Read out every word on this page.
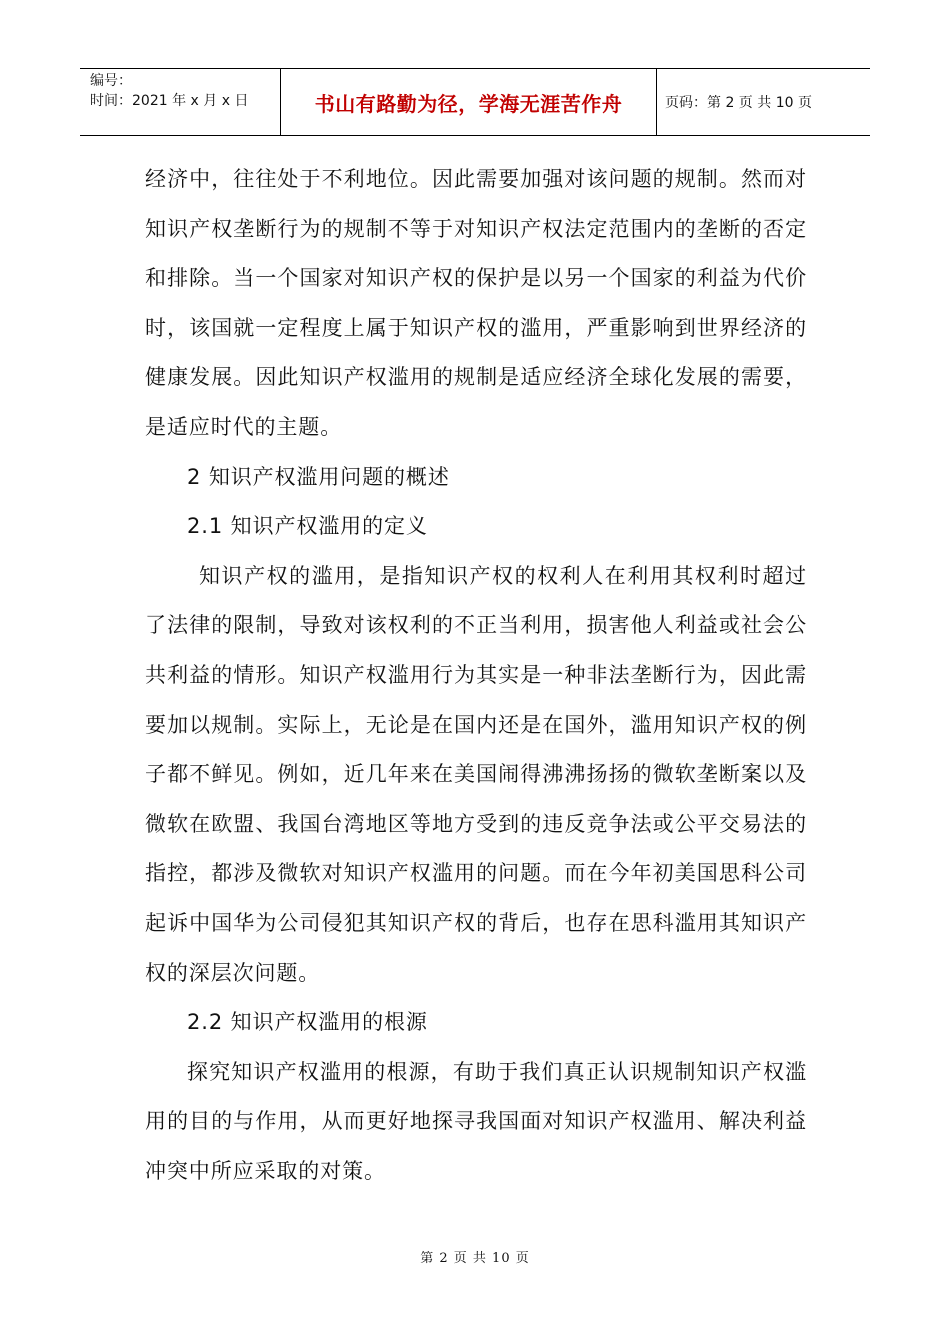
编号：
时间：2021 年 x 月 x 日	书山有路勤为径，学海无涯苦作舟	页码：第 2 页 共 10 页

经济中，往往处于不利地位。因此需要加强对该问题的规制。然而对知识产权垄断行为的规制不等于对知识产权法定范围内的垄断的否定和排除。当一个国家对知识产权的保护是以另一个国家的利益为代价时，该国就一定程度上属于知识产权的滥用，严重影响到世界经济的健康发展。因此知识产权滥用的规制是适应经济全球化发展的需要，是适应时代的主题。

2 知识产权滥用问题的概述

2.1 知识产权滥用的定义

知识产权的滥用，是指知识产权的权利人在利用其权利时超过了法律的限制，导致对该权利的不正当利用，损害他人利益或社会公共利益的情形。知识产权滥用行为其实是一种非法垄断行为，因此需要加以规制。实际上，无论是在国内还是在国外，滥用知识产权的例子都不鲜见。例如，近几年来在美国闹得沸沸扬扬的微软垄断案以及微软在欧盟、我国台湾地区等地方受到的违反竞争法或公平交易法的指控，都涉及微软对知识产权滥用的问题。而在今年初美国思科公司起诉中国华为公司侵犯其知识产权的背后，也存在思科滥用其知识产权的深层次问题。

2.2 知识产权滥用的根源

探究知识产权滥用的根源，有助于我们真正认识规制知识产权滥用的目的与作用，从而更好地探寻我国面对知识产权滥用、解决利益冲突中所应采取的对策。

第 2 页 共 10 页
